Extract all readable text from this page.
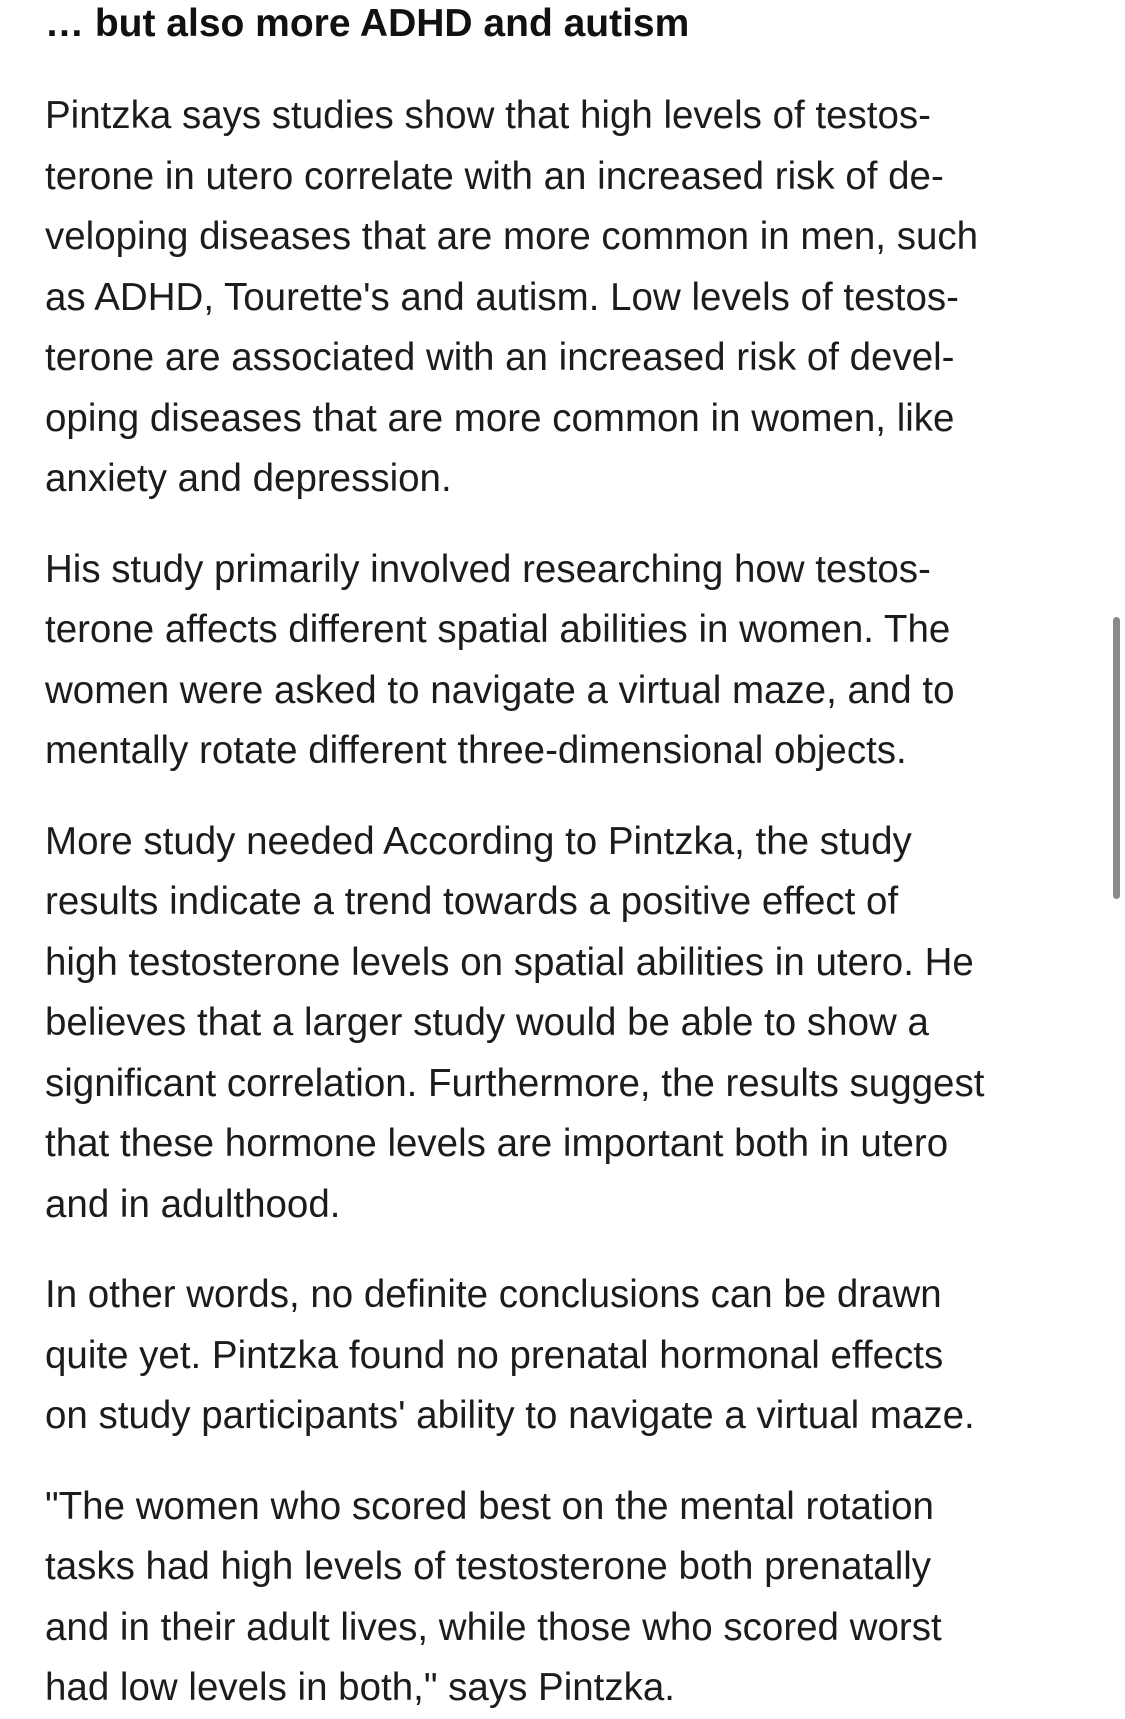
… but also more ADHD and autism

Pintzka says studies show that high levels of testos-
terone in utero correlate with an increased risk of de-
veloping diseases that are more common in men, such
as ADHD, Tourette's and autism. Low levels of testos-
terone are associated with an increased risk of devel-
oping diseases that are more common in women, like
anxiety and depression.

His study primarily involved researching how testos-
terone affects different spatial abilities in women. The
women were asked to navigate a virtual maze, and to
mentally rotate different three-dimensional objects.

More study needed According to Pintzka, the study
results indicate a trend towards a positive effect of
high testosterone levels on spatial abilities in utero. He
believes that a larger study would be able to show a
significant correlation. Furthermore, the results suggest
that these hormone levels are important both in utero
and in adulthood.

In other words, no definite conclusions can be drawn
quite yet. Pintzka found no prenatal hormonal effects
on study participants' ability to navigate a virtual maze.

"The women who scored best on the mental rotation
tasks had high levels of testosterone both prenatally
and in their adult lives, while those who scored worst
had low levels in both," says Pintzka.
